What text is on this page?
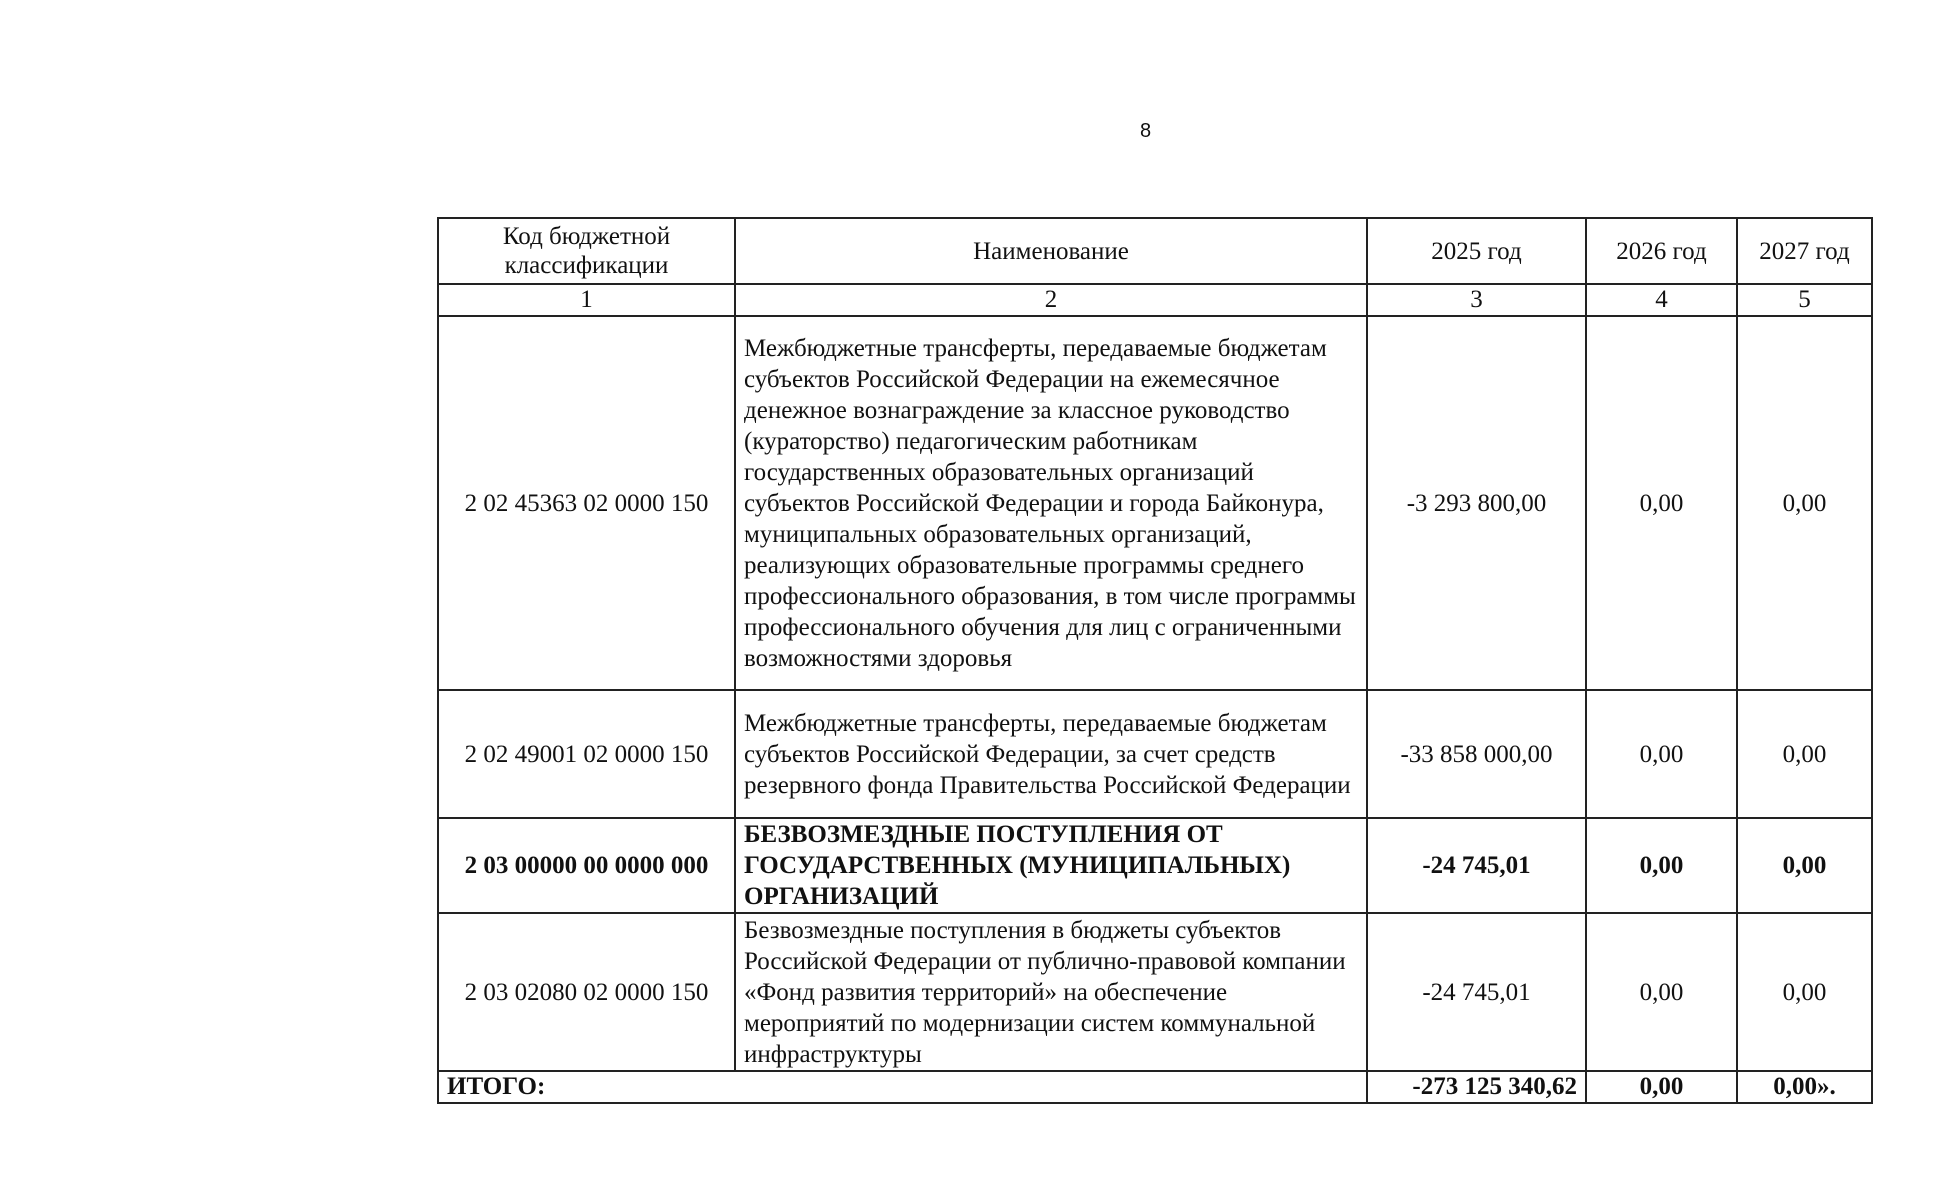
8
Код бюджетной классификации	Наименование	2025 год	2026 год	2027 год
1	2	3	4	5
2 02 45363 02 0000 150	Межбюджетные трансферты, передаваемые бюджетам субъектов Российской Федерации на ежемесячное денежное вознаграждение за классное руководство (кураторство) педагогическим работникам государственных образовательных организаций субъектов Российской Федерации и города Байконура, муниципальных образовательных организаций, реализующих образовательные программы среднего профессионального образования, в том числе программы профессионального обучения для лиц с ограниченными возможностями здоровья	-3 293 800,00	0,00	0,00
2 02 49001 02 0000 150	Межбюджетные трансферты, передаваемые бюджетам субъектов Российской Федерации, за счет средств резервного фонда Правительства Российской Федерации	-33 858 000,00	0,00	0,00
2 03 00000 00 0000 000	БЕЗВОЗМЕЗДНЫЕ ПОСТУПЛЕНИЯ ОТ ГОСУДАРСТВЕННЫХ (МУНИЦИПАЛЬНЫХ) ОРГАНИЗАЦИЙ	-24 745,01	0,00	0,00
2 03 02080 02 0000 150	Безвозмездные поступления в бюджеты субъектов Российской Федерации от публично-правовой компании «Фонд развития территорий» на обеспечение мероприятий по модернизации систем коммунальной инфраструктуры	-24 745,01	0,00	0,00
ИТОГО:		-273 125 340,62	0,00	0,00».
